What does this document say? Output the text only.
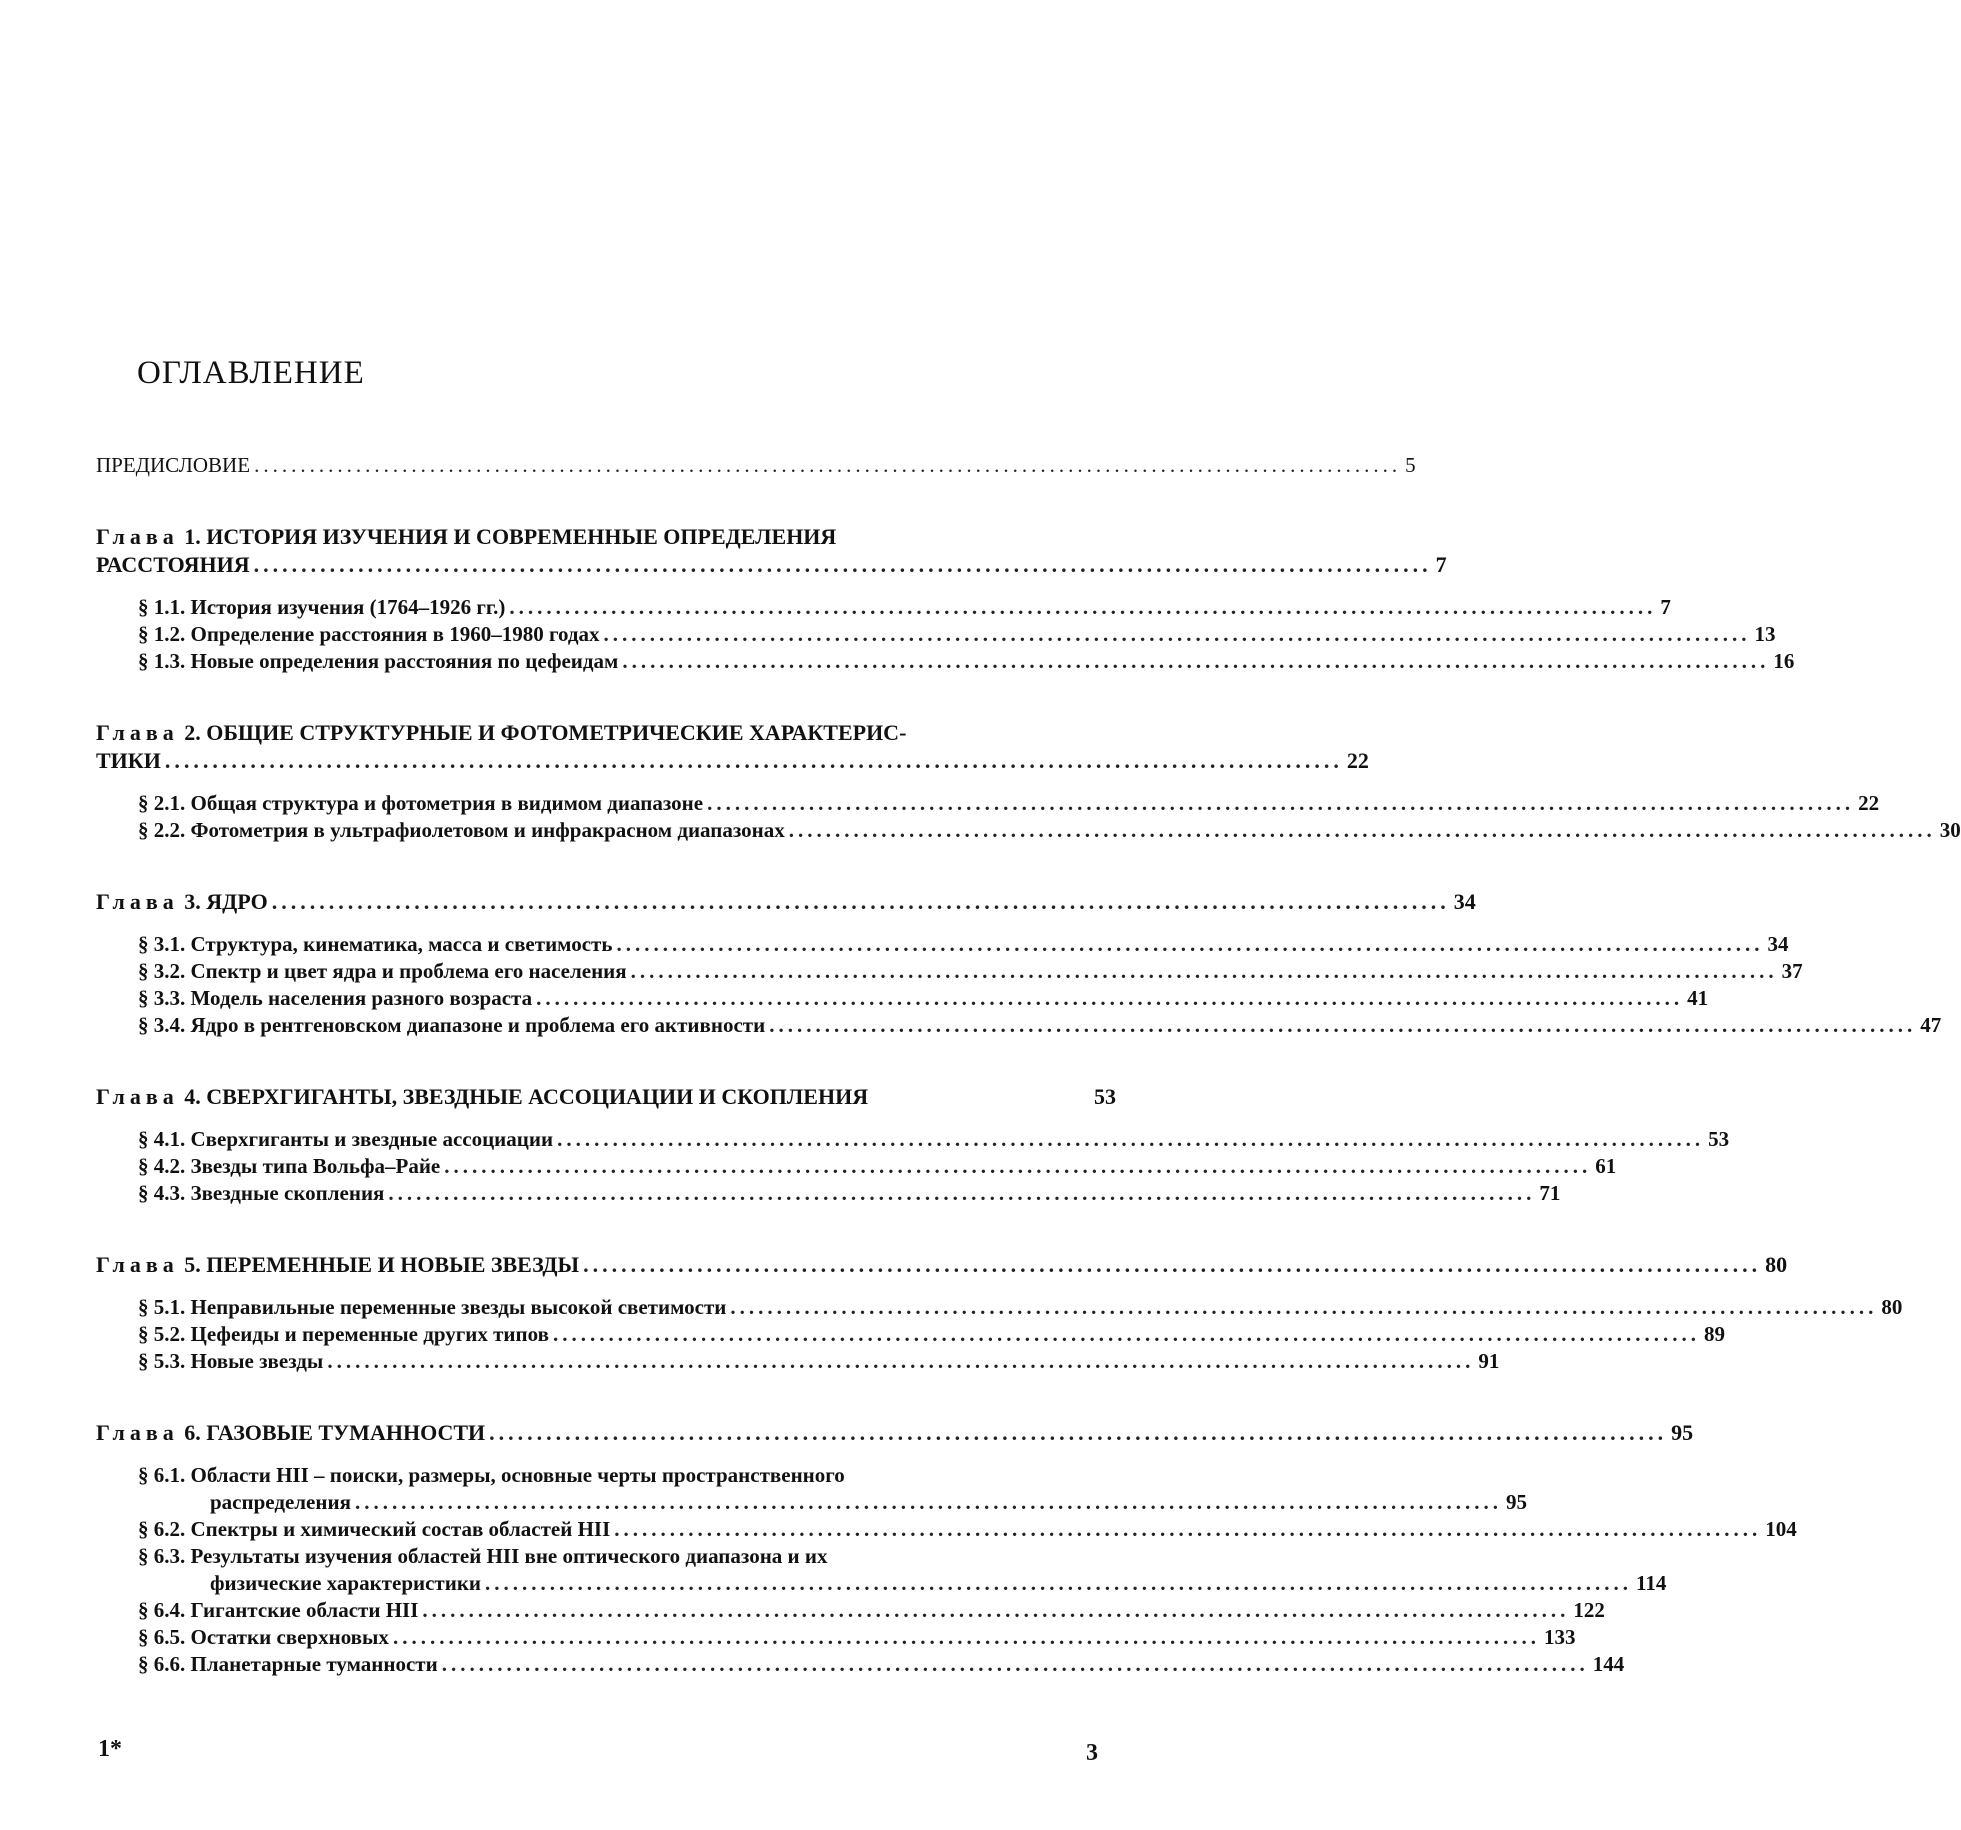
ОГЛАВЛЕНИЕ
ПРЕДИСЛОВИЕ ............................................................................................................................ 5
Глава 1. ИСТОРИЯ ИЗУЧЕНИЯ И СОВРЕМЕННЫЕ ОПРЕДЕЛЕНИЯ
РАССТОЯНИЯ ............................................................................................................................ 7
§ 1.1. История изучения (1764–1926 гг.) ............................................................................................................................ 7
§ 1.2. Определение расстояния в 1960–1980 годах ............................................................................................................................ 13
§ 1.3. Новые определения расстояния по цефеидам ............................................................................................................................ 16
Глава 2. ОБЩИЕ СТРУКТУРНЫЕ И ФОТОМЕТРИЧЕСКИЕ ХАРАКТЕРИС-
ТИКИ ............................................................................................................................ 22
§ 2.1. Общая структура и фотометрия в видимом диапазоне ............................................................................................................................ 22
§ 2.2. Фотометрия в ультрафиолетовом и инфракрасном диапазонах ............................................................................................................................ 30
Глава 3. ЯДРО ............................................................................................................................ 34
§ 3.1. Структура, кинематика, масса и светимость ............................................................................................................................ 34
§ 3.2. Спектр и цвет ядра и проблема его населения ............................................................................................................................ 37
§ 3.3. Модель населения разного возраста ............................................................................................................................ 41
§ 3.4. Ядро в рентгеновском диапазоне и проблема его активности ............................................................................................................................ 47
Глава 4. СВЕРХГИГАНТЫ, ЗВЕЗДНЫЕ АССОЦИАЦИИ И СКОПЛЕНИЯ	53
§ 4.1. Сверхгиганты и звездные ассоциации ............................................................................................................................ 53
§ 4.2. Звезды типа Вольфа–Райе ............................................................................................................................ 61
§ 4.3. Звездные скопления ............................................................................................................................ 71
Глава 5. ПЕРЕМЕННЫЕ И НОВЫЕ ЗВЕЗДЫ ............................................................................................................................ 80
§ 5.1. Неправильные переменные звезды высокой светимости ............................................................................................................................ 80
§ 5.2. Цефеиды и переменные других типов ............................................................................................................................ 89
§ 5.3. Новые звезды ............................................................................................................................ 91
Глава 6. ГАЗОВЫЕ ТУМАННОСТИ ............................................................................................................................ 95
§ 6.1. Области НII – поиски, размеры, основные черты пространственного
распределения ............................................................................................................................ 95
§ 6.2. Спектры и химический состав областей НII ............................................................................................................................ 104
§ 6.3. Результаты изучения областей НII вне оптического диапазона и их
физические характеристики ............................................................................................................................ 114
§ 6.4. Гигантские области НII ............................................................................................................................ 122
§ 6.5. Остатки сверхновых ............................................................................................................................ 133
§ 6.6. Планетарные туманности ............................................................................................................................ 144
1*	3
